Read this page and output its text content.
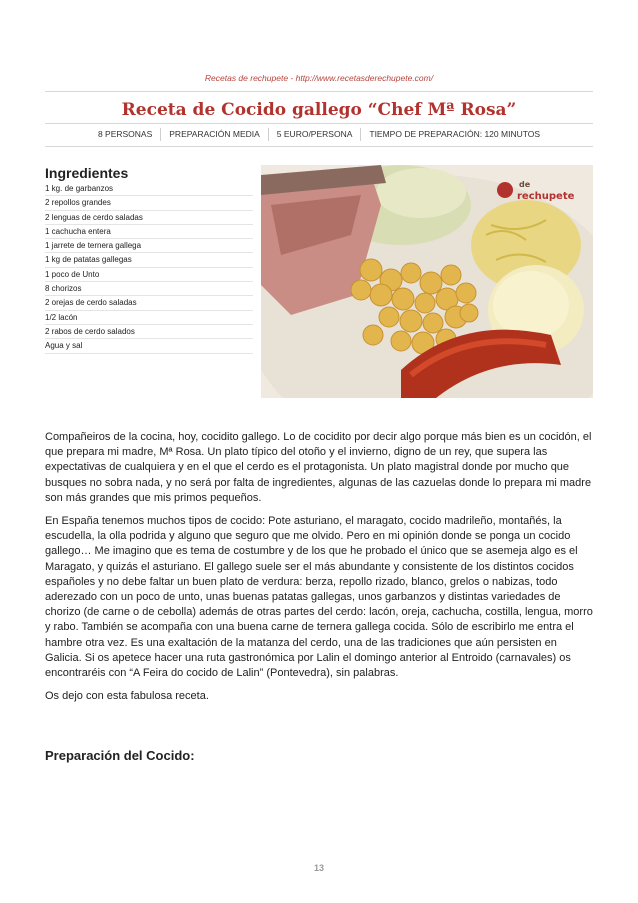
Recetas de rechupete - http://www.recetasderechupete.com/
Receta de Cocido gallego “Chef Mª Rosa”
8 PERSONAS	PREPARACIÓN MEDIA	5 EURO/PERSONA	TIEMPO DE PREPARACIÓN: 120 MINUTOS
Ingredientes
1 kg. de garbanzos
2 repollos grandes
2 lenguas de cerdo saladas
1 cachucha entera
1 jarrete de ternera gallega
1 kg de patatas gallegas
1 poco de Unto
8 chorizos
2 orejas de cerdo saladas
1/2 lacón
2 rabos de cerdo salados
Agua y sal
de
rechupete

Compañeiros de la cocina, hoy, cocidito gallego. Lo de cocidito por decir algo porque más bien es un cocidón, el que prepara mi madre, Mª Rosa. Un plato típico del otoño y el invierno, digno de un rey, que supera las expectativas de cualquiera y en el que el cerdo es el protagonista. Un plato magistral donde por mucho que busques no sobra nada, y no será por falta de ingredientes, algunas de las cazuelas donde lo prepara mi madre son más grandes que mis primos pequeños.

En España tenemos muchos tipos de cocido: Pote asturiano, el maragato, cocido madrileño, montañés, la escudella, la olla podrida y alguno que seguro que me olvido. Pero en mi opinión donde se ponga un cocido gallego… Me imagino que es tema de costumbre y de los que he probado el único que se asemeja algo es el Maragato, y quizás el asturiano. El gallego suele ser el más abundante y consistente de los distintos cocidos españoles y no debe faltar un buen plato de verdura: berza, repollo rizado, blanco, grelos o nabizas, todo aderezado con un poco de unto, unas buenas patatas gallegas, unos garbanzos y distintas variedades de chorizo (de carne o de cebolla) además de otras partes del cerdo: lacón, oreja, cachucha, costilla, lengua, morro y rabo. También se acompaña con una buena carne de ternera gallega cocida. Sólo de escribirlo me entra el hambre otra vez. Es una exaltación de la matanza del cerdo, una de las tradiciones que aún persisten en Galicia. Si os apetece hacer una ruta gastronómica por Lalin el domingo anterior al Entroido (carnavales) os encontraréis con “A Feira do cocido de Lalin” (Pontevedra), sin palabras.

Os dejo con esta fabulosa receta.

Preparación del Cocido:
13
